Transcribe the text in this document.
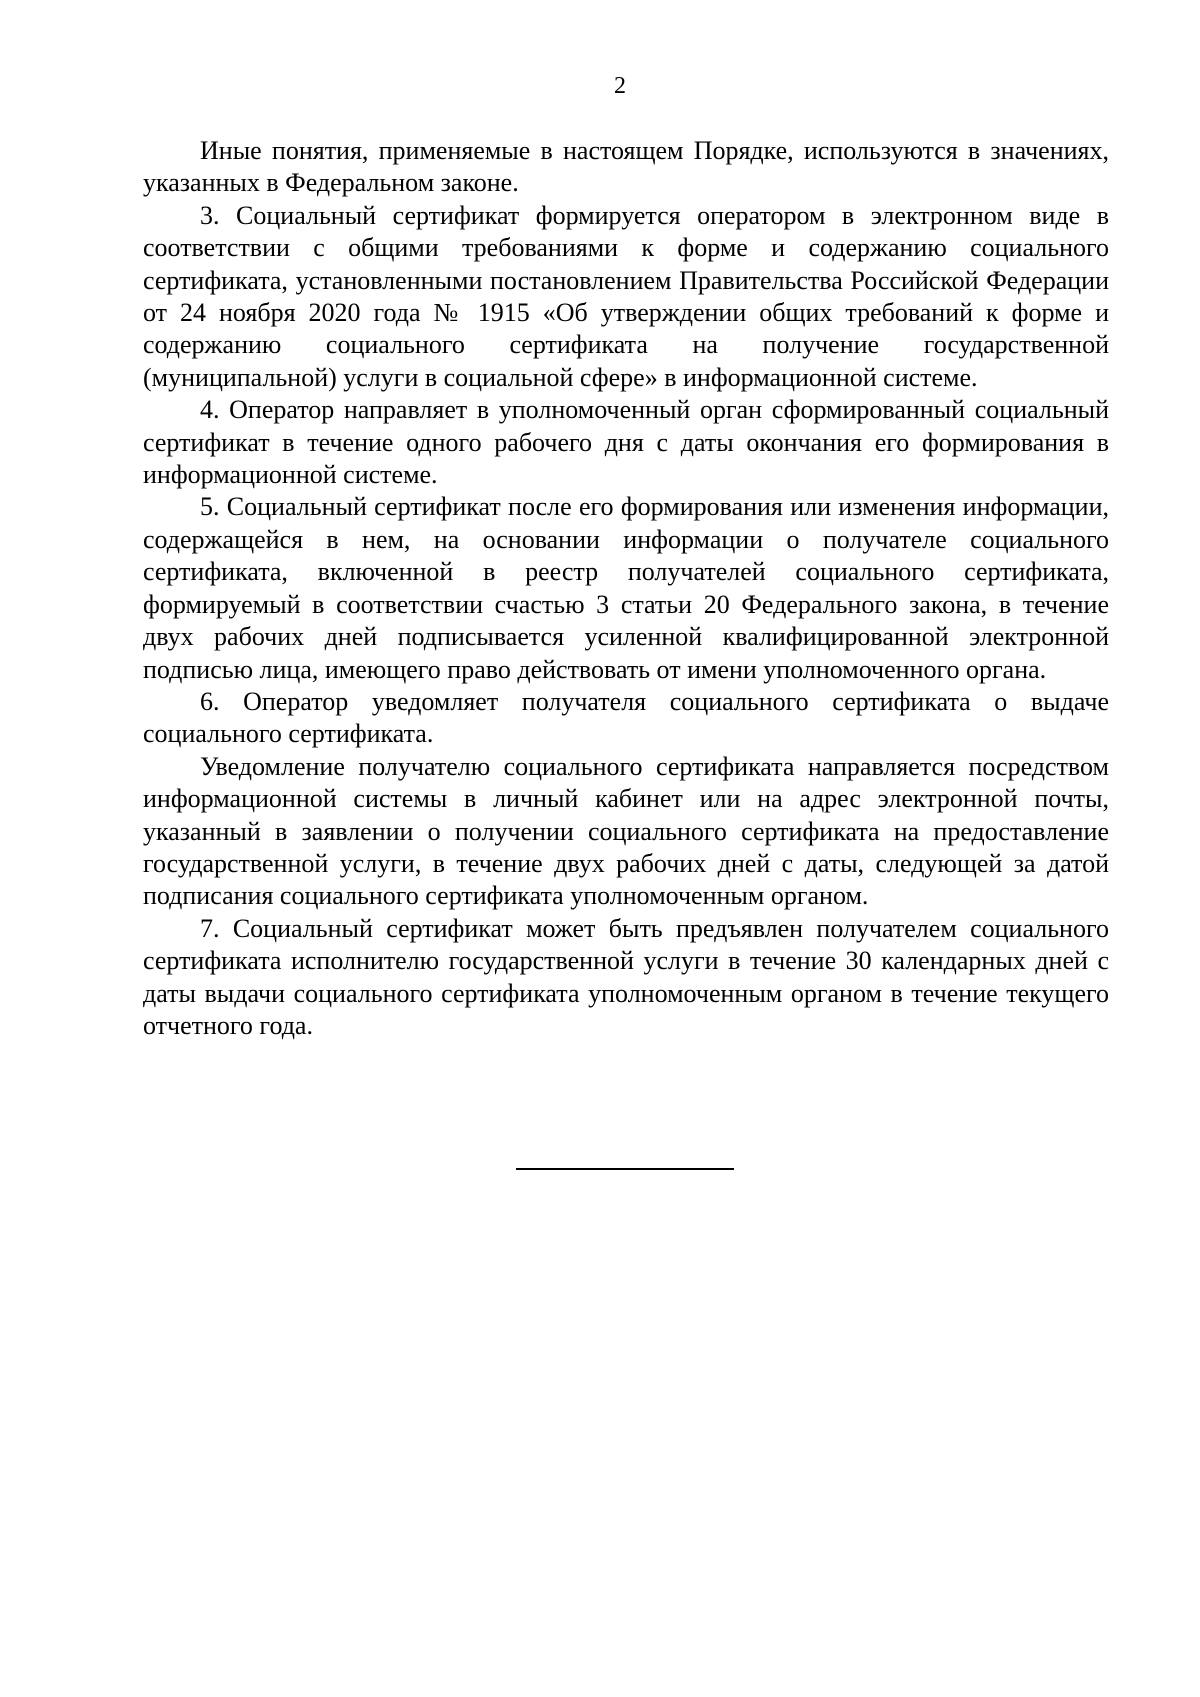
2

Иные понятия, применяемые в настоящем Порядке, используются в значениях, указанных в Федеральном законе.

3. Социальный сертификат формируется оператором в электронном виде в соответствии с общими требованиями к форме и содержанию социального сертификата, установленными постановлением Правительства Российской Федерации от 24 ноября 2020 года № 1915 «Об утверждении общих требований к форме и содержанию социального сертификата на получение государственной (муниципальной) услуги в социальной сфере» в информационной системе.

4. Оператор направляет в уполномоченный орган сформированный социальный сертификат в течение одного рабочего дня с даты окончания его формирования в информационной системе.

5. Социальный сертификат после его формирования или изменения информации, содержащейся в нем, на основании информации о получателе социального сертификата, включенной в реестр получателей социального сертификата, формируемый в соответствии счастью 3 статьи 20 Федерального закона, в течение двух рабочих дней подписывается усиленной квалифицированной электронной подписью лица, имеющего право действовать от имени уполномоченного органа.

6. Оператор уведомляет получателя социального сертификата о выдаче социального сертификата.

Уведомление получателю социального сертификата направляется посредством информационной системы в личный кабинет или на адрес электронной почты, указанный в заявлении о получении социального сертификата на предоставление государственной услуги, в течение двух рабочих дней с даты, следующей за датой подписания социального сертификата уполномоченным органом.

7. Социальный сертификат может быть предъявлен получателем социального сертификата исполнителю государственной услуги в течение 30 календарных дней с даты выдачи социального сертификата уполномоченным органом в течение текущего отчетного года.
